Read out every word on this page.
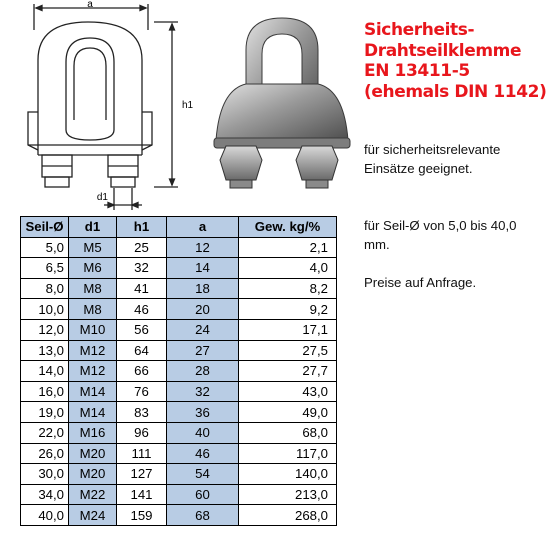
a
h1
d1
Sicherheits-
Drahtseilklemme
EN 13411-5
(ehemals DIN 1142)
für sicherheitsrelevante Einsätze geeignet.
für Seil-Ø von 5,0 bis 40,0 mm.
Preise auf Anfrage.
Seil-Ø	d1	h1	a	Gew. kg/%
5,0	M5	25	12	2,1
6,5	M6	32	14	4,0
8,0	M8	41	18	8,2
10,0	M8	46	20	9,2
12,0	M10	56	24	17,1
13,0	M12	64	27	27,5
14,0	M12	66	28	27,7
16,0	M14	76	32	43,0
19,0	M14	83	36	49,0
22,0	M16	96	40	68,0
26,0	M20	111	46	117,0
30,0	M20	127	54	140,0
34,0	M22	141	60	213,0
40,0	M24	159	68	268,0
